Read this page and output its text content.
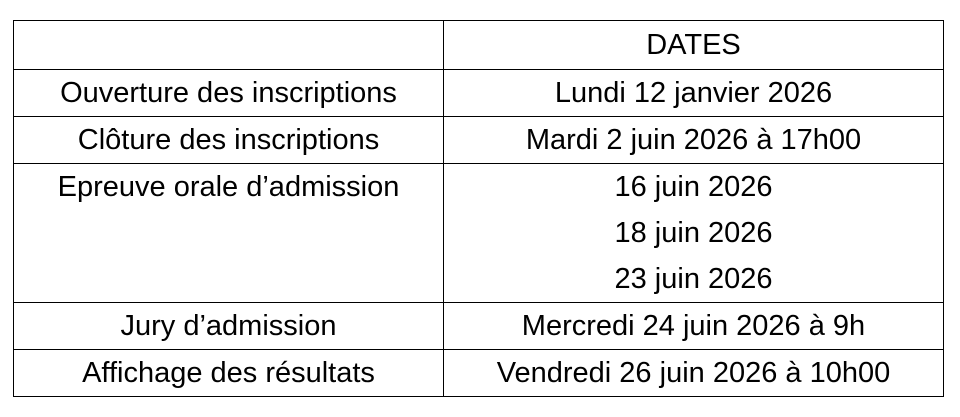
	DATES
Ouverture des inscriptions	Lundi 12 janvier 2026
Clôture des inscriptions	Mardi 2 juin 2026 à 17h00
Epreuve orale d’admission	16 juin 2026
18 juin 2026
23 juin 2026

Jury d’admission	Mercredi 24 juin 2026 à 9h
Affichage des résultats	Vendredi 26 juin 2026 à 10h00
